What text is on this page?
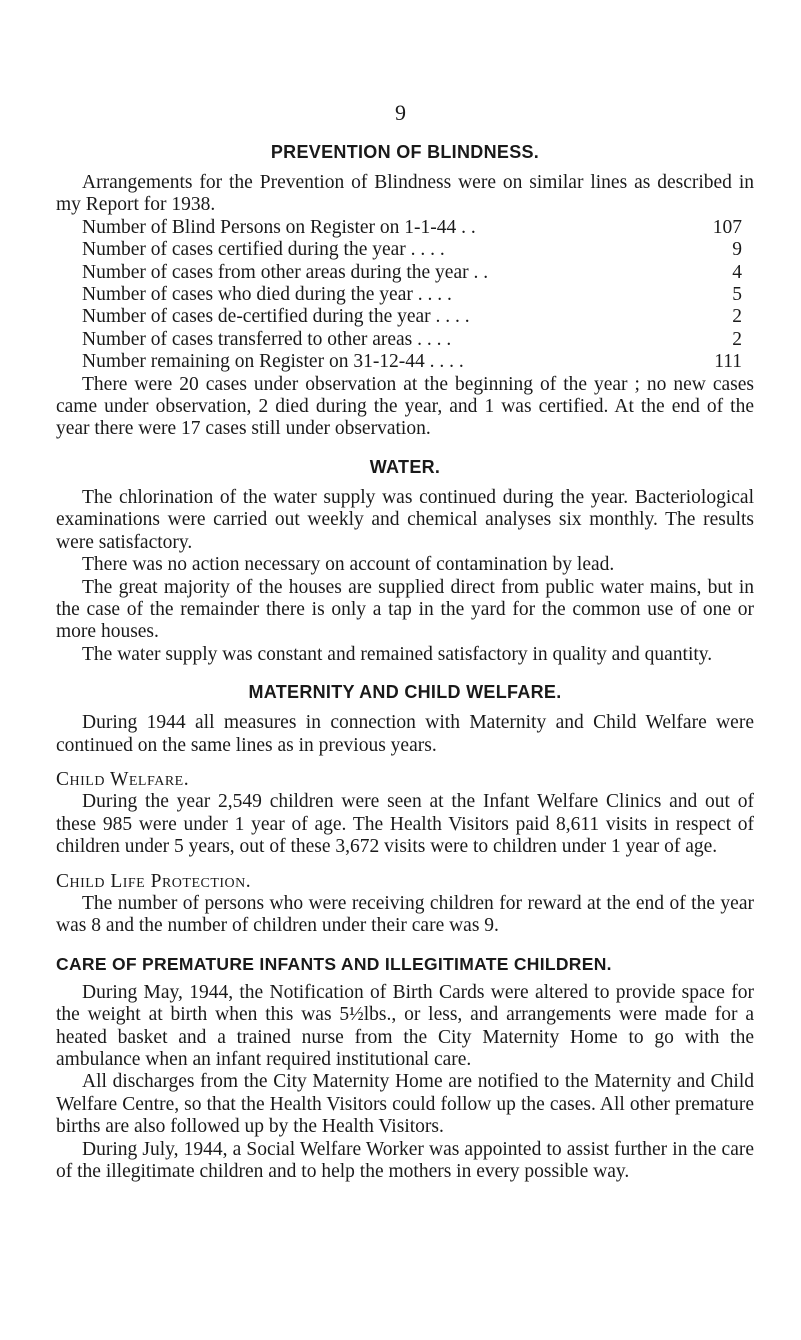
9
PREVENTION OF BLINDNESS.

Arrangements for the Prevention of Blindness were on similar lines as described in my Report for 1938.

Number of Blind Persons on Register on 1-1-44 . .	107
Number of cases certified during the year . . . .	9
Number of cases from other areas during the year . .	4
Number of cases who died during the year . . . .	5
Number of cases de-certified during the year . . . .	2
Number of cases transferred to other areas . . . .	2
Number remaining on Register on 31-12-44 . . . .	111

There were 20 cases under observation at the beginning of the year ; no new cases came under observation, 2 died during the year, and 1 was certified. At the end of the year there were 17 cases still under observation.

WATER.

The chlorination of the water supply was continued during the year. Bacteriological examinations were carried out weekly and chemical analyses six monthly. The results were satisfactory.

There was no action necessary on account of contamination by lead.

The great majority of the houses are supplied direct from public water mains, but in the case of the remainder there is only a tap in the yard for the common use of one or more houses.

The water supply was constant and remained satisfactory in quality and quantity.

MATERNITY AND CHILD WELFARE.

During 1944 all measures in connection with Maternity and Child Welfare were continued on the same lines as in previous years.

Child Welfare.

During the year 2,549 children were seen at the Infant Welfare Clinics and out of these 985 were under 1 year of age. The Health Visitors paid 8,611 visits in respect of children under 5 years, out of these 3,672 visits were to children under 1 year of age.

Child Life Protection.

The number of persons who were receiving children for reward at the end of the year was 8 and the number of children under their care was 9.

CARE OF PREMATURE INFANTS AND ILLEGITIMATE CHILDREN.

During May, 1944, the Notification of Birth Cards were altered to provide space for the weight at birth when this was 5½lbs., or less, and arrangements were made for a heated basket and a trained nurse from the City Maternity Home to go with the ambulance when an infant required institutional care.

All discharges from the City Maternity Home are notified to the Maternity and Child Welfare Centre, so that the Health Visitors could follow up the cases. All other premature births are also followed up by the Health Visitors.

During July, 1944, a Social Welfare Worker was appointed to assist further in the care of the illegitimate children and to help the mothers in every possible way.
